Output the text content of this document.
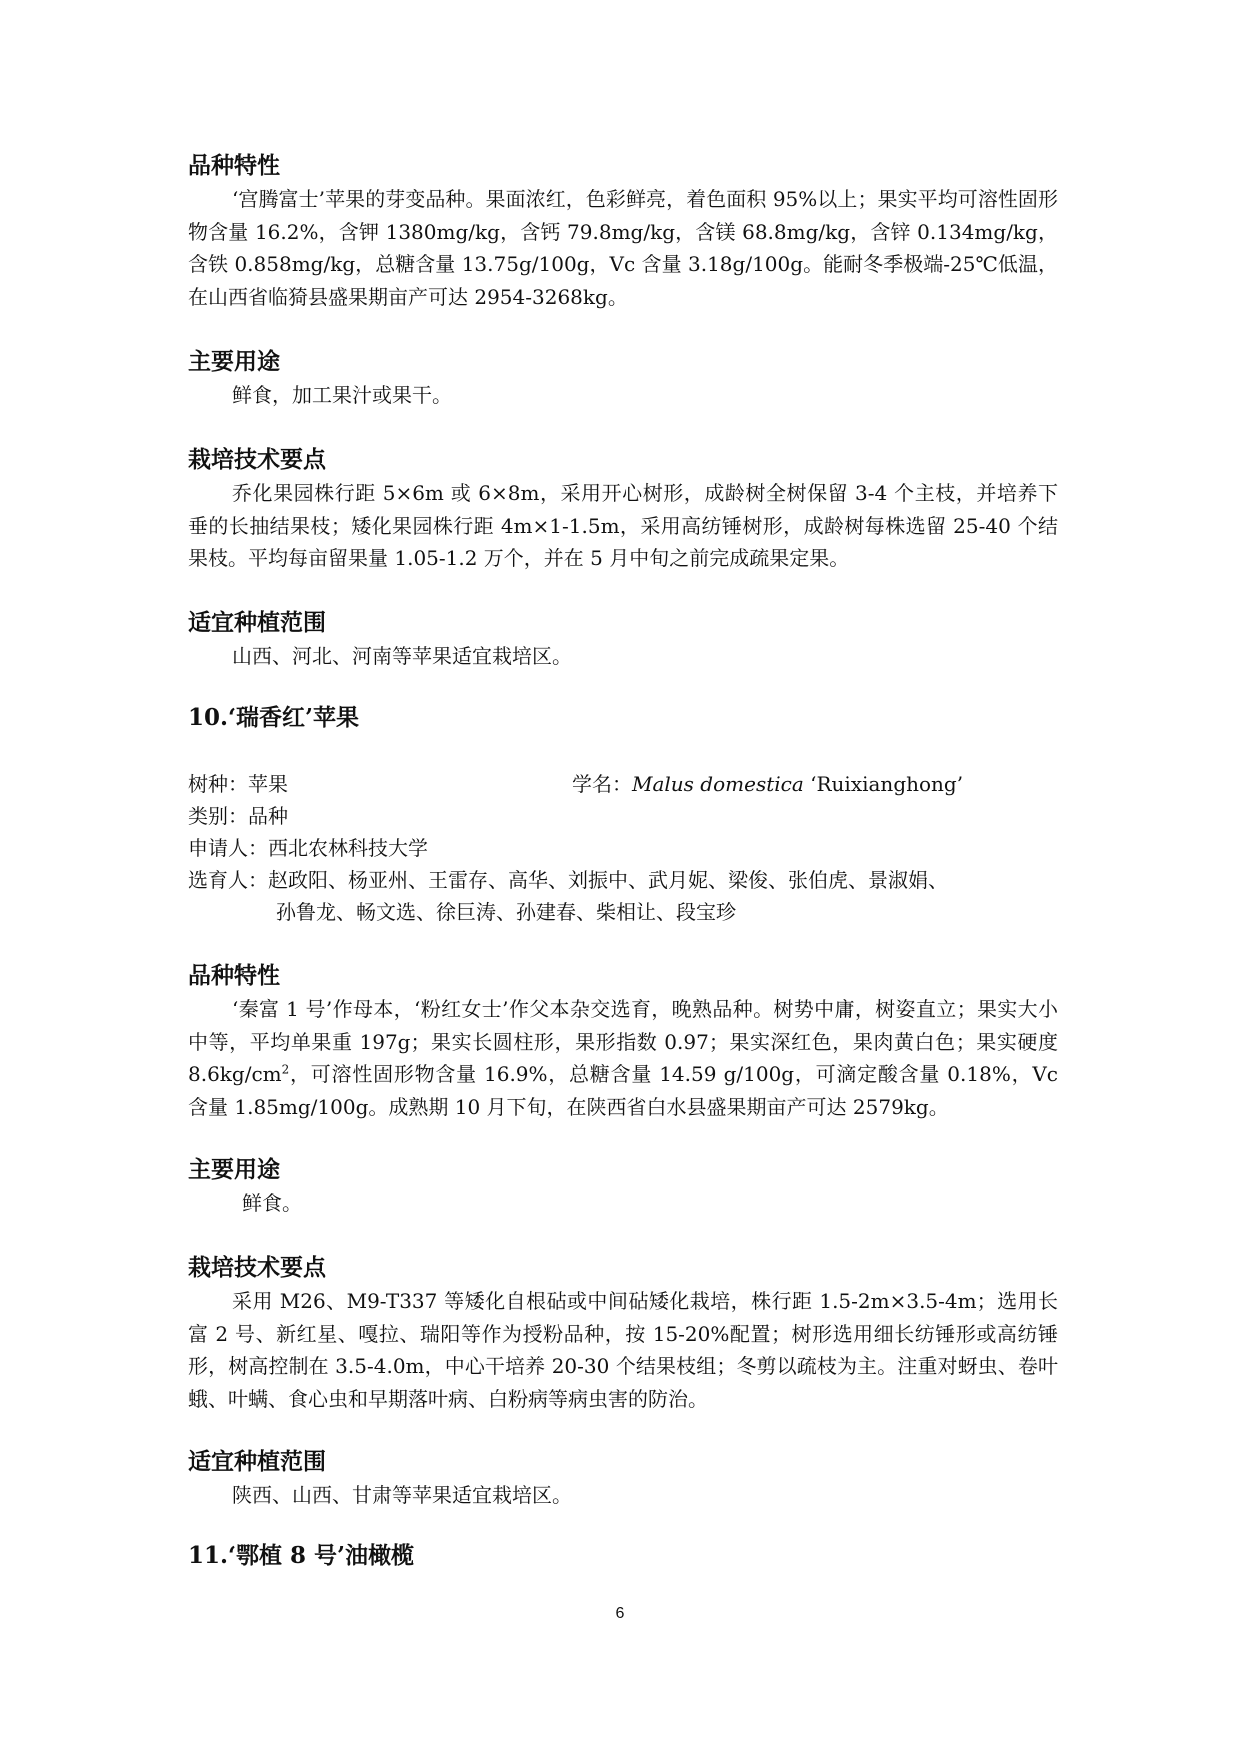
品种特性

‘宫腾富士’苹果的芽变品种。果面浓红，色彩鲜亮，着色面积 95%以上；果实平均可溶性固形物含量 16.2%，含钾 1380mg/kg，含钙 79.8mg/kg，含镁 68.8mg/kg，含锌 0.134mg/kg，含铁 0.858mg/kg，总糖含量 13.75g/100g，Vc 含量 3.18g/100g。能耐冬季极端-25℃低温，在山西省临猗县盛果期亩产可达 2954-3268kg。

主要用途

鲜食，加工果汁或果干。

栽培技术要点

乔化果园株行距 5×6m 或 6×8m，采用开心树形，成龄树全树保留 3-4 个主枝，并培养下垂的长抽结果枝；矮化果园株行距 4m×1-1.5m，采用高纺锤树形，成龄树每株选留 25-40 个结果枝。平均每亩留果量 1.05-1.2 万个，并在 5 月中旬之前完成疏果定果。

适宜种植范围

山西、河北、河南等苹果适宜栽培区。

10.‘瑞香红’苹果
树种：苹果	学名：Malus domestica ‘Ruixianghong’
类别：品种
申请人：西北农林科技大学
选育人：赵政阳、杨亚州、王雷存、高华、刘振中、武月妮、梁俊、张伯虎、景淑娟、
孙鲁龙、畅文选、徐巨涛、孙建春、柴相让、段宝珍
品种特性

‘秦富 1 号’作母本，‘粉红女士’作父本杂交选育，晚熟品种。树势中庸，树姿直立；果实大小中等，平均单果重 197g；果实长圆柱形，果形指数 0.97；果实深红色，果肉黄白色；果实硬度 $8.6kg/cm^2$，可溶性固形物含量 16.9%，总糖含量 14.59 g/100g，可滴定酸含量 0.18%，Vc 含量 1.85mg/100g。成熟期 10 月下旬，在陕西省白水县盛果期亩产可达 2579kg。

主要用途

鲜食。

栽培技术要点

采用 M26、M9-T337 等矮化自根砧或中间砧矮化栽培，株行距 1.5-2m×3.5-4m；选用长富 2 号、新红星、嘎拉、瑞阳等作为授粉品种，按 15-20%配置；树形选用细长纺锤形或高纺锤形，树高控制在 3.5-4.0m，中心干培养 20-30 个结果枝组；冬剪以疏枝为主。注重对蚜虫、卷叶蛾、叶螨、食心虫和早期落叶病、白粉病等病虫害的防治。

适宜种植范围

陕西、山西、甘肃等苹果适宜栽培区。

11.‘鄂植 8 号’油橄榄
6
